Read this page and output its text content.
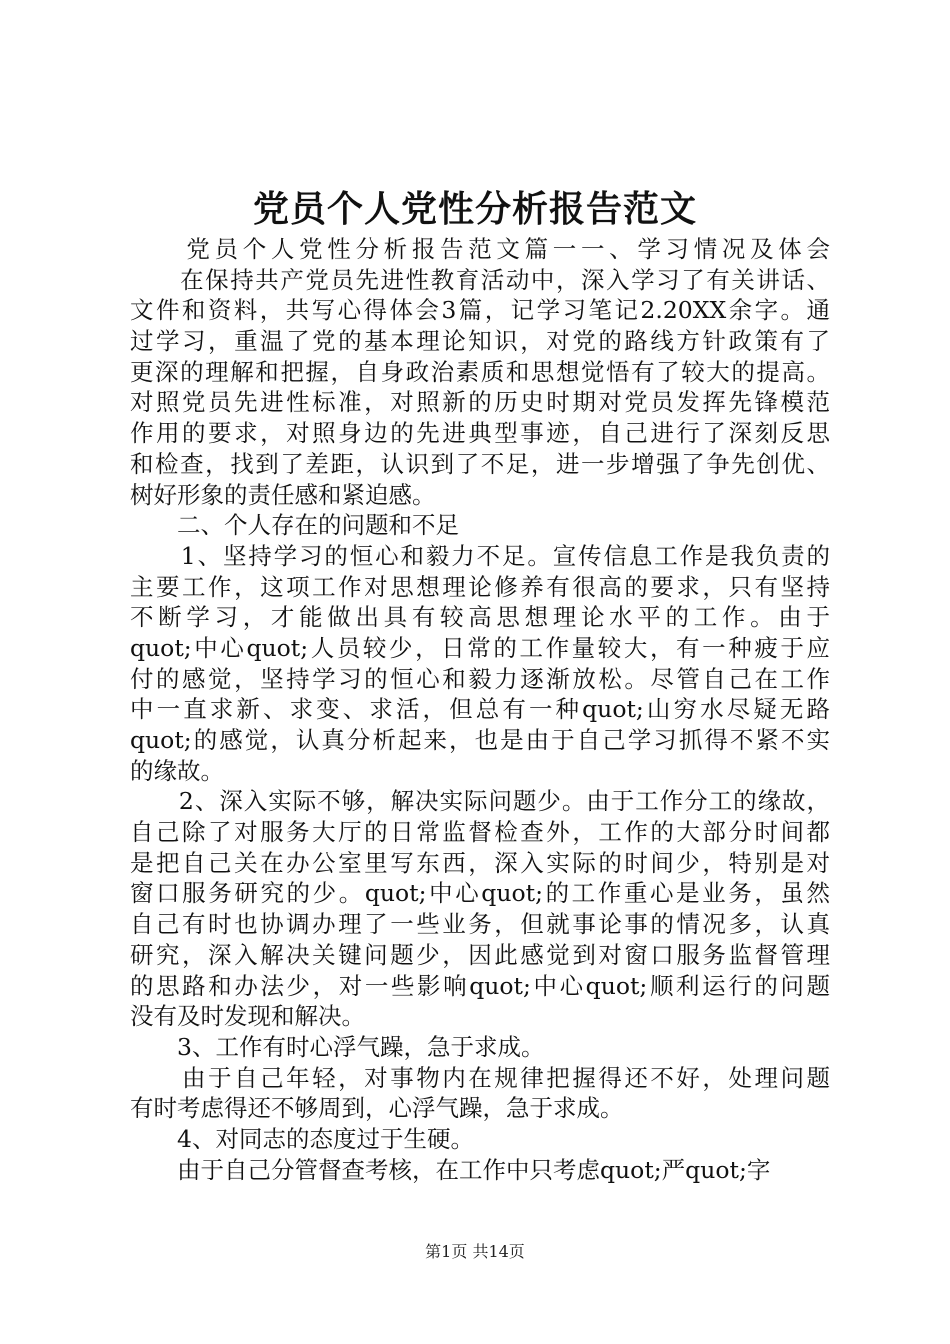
党员个人党性分析报告范文
　　党员个人党性分析报告范文篇一一、学习情况及体会
　　在保持共产党员先进性教育活动中，深入学习了有关讲话、
文件和资料，共写心得体会3篇，记学习笔记2.20XX余字。通
过学习，重温了党的基本理论知识，对党的路线方针政策有了
更深的理解和把握，自身政治素质和思想觉悟有了较大的提高。
对照党员先进性标准，对照新的历史时期对党员发挥先锋模范
作用的要求，对照身边的先进典型事迹，自己进行了深刻反思
和检查，找到了差距，认识到了不足，进一步增强了争先创优、
树好形象的责任感和紧迫感。
　　二、个人存在的问题和不足
　　1、坚持学习的恒心和毅力不足。宣传信息工作是我负责的
主要工作，这项工作对思想理论修养有很高的要求，只有坚持
不断学习，才能做出具有较高思想理论水平的工作。由于
quot;中心quot;人员较少，日常的工作量较大，有一种疲于应
付的感觉，坚持学习的恒心和毅力逐渐放松。尽管自己在工作
中一直求新、求变、求活，但总有一种quot;山穷水尽疑无路
quot;的感觉，认真分析起来，也是由于自己学习抓得不紧不实
的缘故。
　　2、深入实际不够，解决实际问题少。由于工作分工的缘故，
自己除了对服务大厅的日常监督检查外，工作的大部分时间都
是把自己关在办公室里写东西，深入实际的时间少，特别是对
窗口服务研究的少。quot;中心quot;的工作重心是业务，虽然
自己有时也协调办理了一些业务，但就事论事的情况多，认真
研究，深入解决关键问题少，因此感觉到对窗口服务监督管理
的思路和办法少，对一些影响quot;中心quot;顺利运行的问题
没有及时发现和解决。
　　3、工作有时心浮气躁，急于求成。
　　由于自己年轻，对事物内在规律把握得还不好，处理问题
有时考虑得还不够周到，心浮气躁，急于求成。
　　4、对同志的态度过于生硬。
　　由于自己分管督查考核，在工作中只考虑quot;严quot;字
第1页 共14页
